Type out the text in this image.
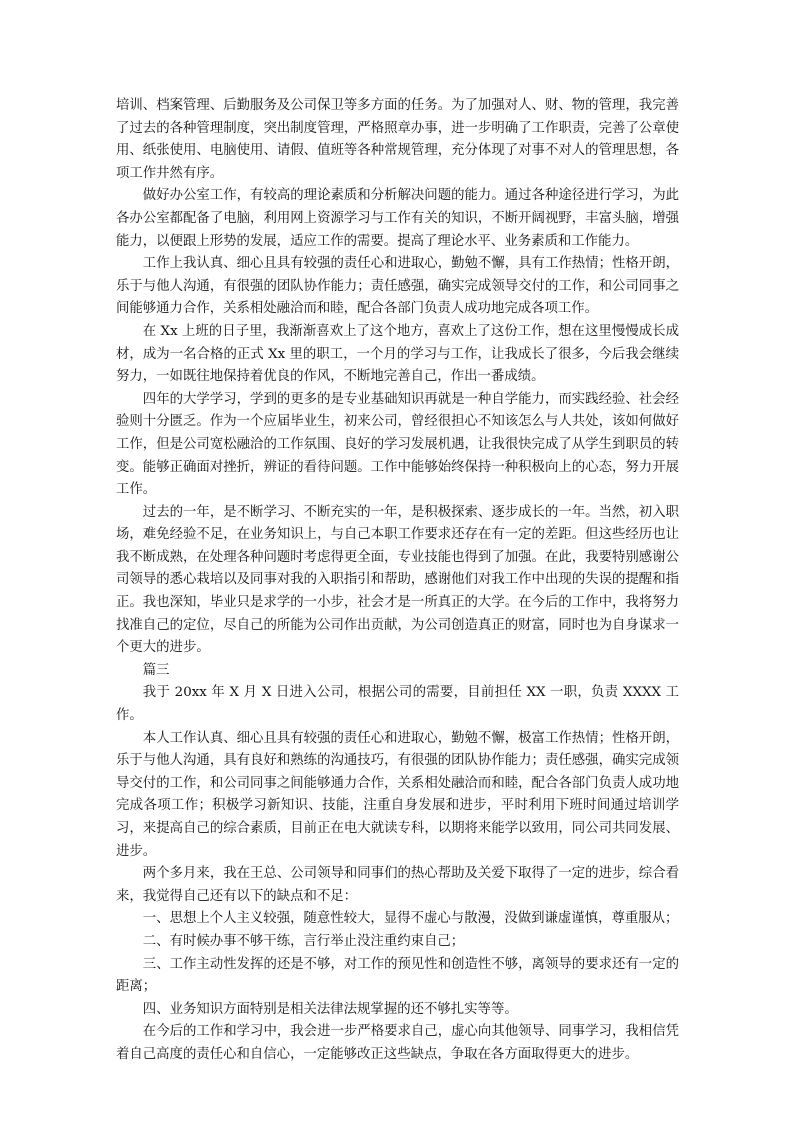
培训、档案管理、后勤服务及公司保卫等多方面的任务。为了加强对人、财、物的管理，我完善了过去的各种管理制度，突出制度管理，严格照章办事，进一步明确了工作职责，完善了公章使用、纸张使用、电脑使用、请假、值班等各种常规管理，充分体现了对事不对人的管理思想，各项工作井然有序。

做好办公室工作，有较高的理论素质和分析解决问题的能力。通过各种途径进行学习，为此各办公室都配备了电脑，利用网上资源学习与工作有关的知识，不断开阔视野，丰富头脑，增强能力，以便跟上形势的发展，适应工作的需要。提高了理论水平、业务素质和工作能力。

工作上我认真、细心且具有较强的责任心和进取心，勤勉不懈，具有工作热情；性格开朗，乐于与他人沟通，有很强的团队协作能力；责任感强，确实完成领导交付的工作，和公司同事之间能够通力合作，关系相处融洽而和睦，配合各部门负责人成功地完成各项工作。

在 Xx 上班的日子里，我渐渐喜欢上了这个地方，喜欢上了这份工作，想在这里慢慢成长成材，成为一名合格的正式 Xx 里的职工，一个月的学习与工作，让我成长了很多，今后我会继续努力，一如既往地保持着优良的作风，不断地完善自己，作出一番成绩。

四年的大学学习，学到的更多的是专业基础知识再就是一种自学能力，而实践经验、社会经验则十分匮乏。作为一个应届毕业生，初来公司，曾经很担心不知该怎么与人共处，该如何做好工作，但是公司宽松融洽的工作氛围、良好的学习发展机遇，让我很快完成了从学生到职员的转变。能够正确面对挫折，辨证的看待问题。工作中能够始终保持一种积极向上的心态，努力开展工作。

过去的一年，是不断学习、不断充实的一年，是积极探索、逐步成长的一年。当然，初入职场，难免经验不足，在业务知识上，与自己本职工作要求还存在有一定的差距。但这些经历也让我不断成熟，在处理各种问题时考虑得更全面，专业技能也得到了加强。在此，我要特别感谢公司领导的悉心栽培以及同事对我的入职指引和帮助，感谢他们对我工作中出现的失误的提醒和指正。我也深知，毕业只是求学的一小步，社会才是一所真正的大学。在今后的工作中，我将努力找准自己的定位，尽自己的所能为公司作出贡献，为公司创造真正的财富，同时也为自身谋求一个更大的进步。

篇三

我于 20xx 年 X 月 X 日进入公司，根据公司的需要，目前担任 XX 一职，负责 XXXX 工作。

本人工作认真、细心且具有较强的责任心和进取心，勤勉不懈，极富工作热情；性格开朗，乐于与他人沟通，具有良好和熟练的沟通技巧，有很强的团队协作能力；责任感强，确实完成领导交付的工作，和公司同事之间能够通力合作，关系相处融洽而和睦，配合各部门负责人成功地完成各项工作；积极学习新知识、技能，注重自身发展和进步，平时利用下班时间通过培训学习，来提高自己的综合素质，目前正在电大就读专科，以期将来能学以致用，同公司共同发展、进步。

两个多月来，我在王总、公司领导和同事们的热心帮助及关爱下取得了一定的进步，综合看来，我觉得自己还有以下的缺点和不足：

一、思想上个人主义较强，随意性较大，显得不虚心与散漫，没做到谦虚谨慎，尊重服从；

二、有时候办事不够干练，言行举止没注重约束自己；

三、工作主动性发挥的还是不够，对工作的预见性和创造性不够，离领导的要求还有一定的距离；

四、业务知识方面特别是相关法律法规掌握的还不够扎实等等。

在今后的工作和学习中，我会进一步严格要求自己，虚心向其他领导、同事学习，我相信凭着自己高度的责任心和自信心，一定能够改正这些缺点，争取在各方面取得更大的进步。
